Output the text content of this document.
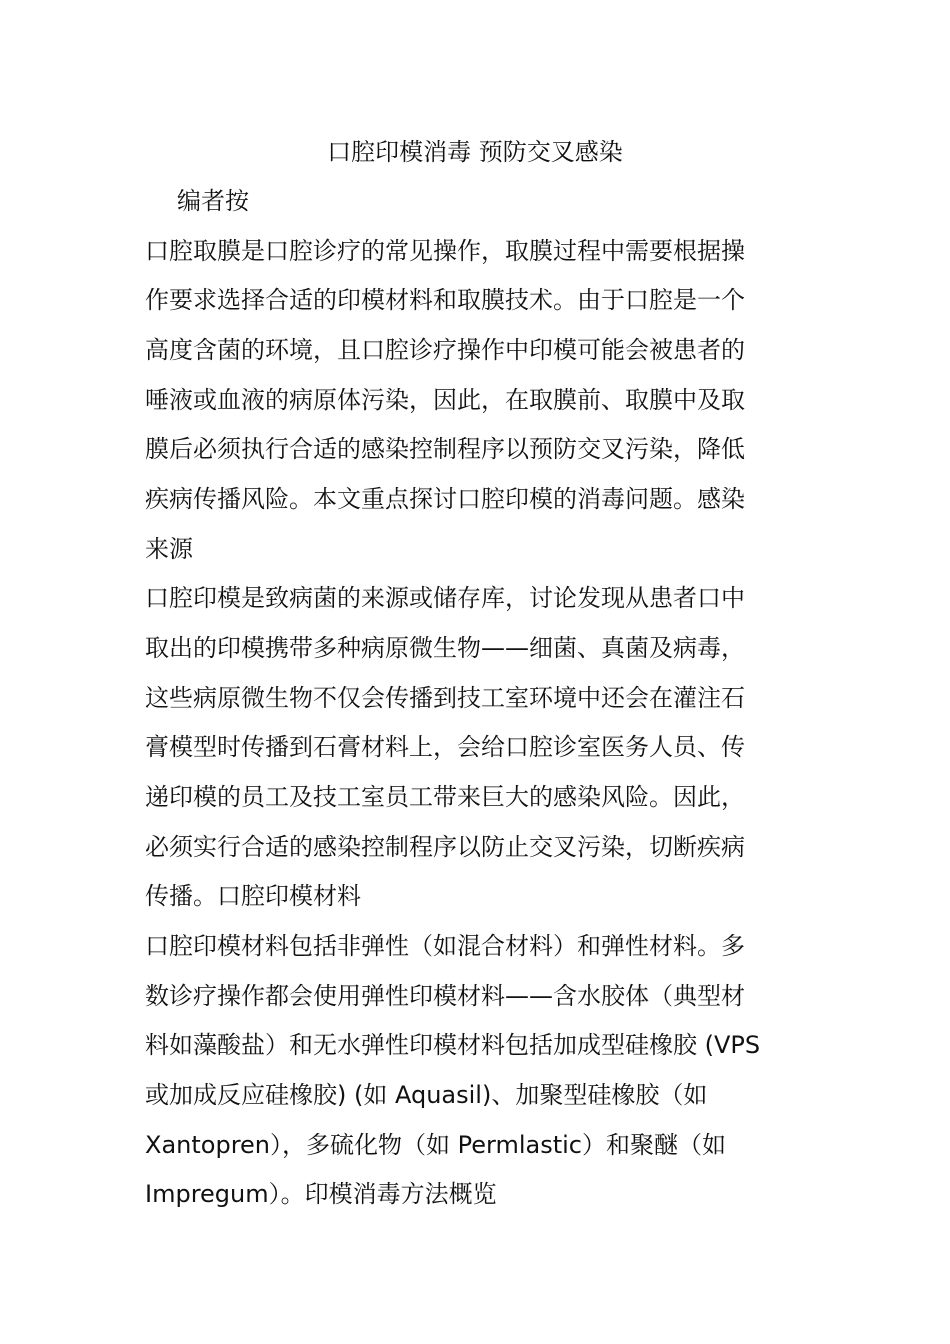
口腔印模消毒 预防交叉感染
编者按
口腔取膜是口腔诊疗的常见操作，取膜过程中需要根据操
作要求选择合适的印模材料和取膜技术。由于口腔是一个
高度含菌的环境，且口腔诊疗操作中印模可能会被患者的
唾液或血液的病原体污染，因此，在取膜前、取膜中及取
膜后必须执行合适的感染控制程序以预防交叉污染，降低
疾病传播风险。本文重点探讨口腔印模的消毒问题。感染
来源
口腔印模是致病菌的来源或储存库，讨论发现从患者口中
取出的印模携带多种病原微生物——细菌、真菌及病毒，
这些病原微生物不仅会传播到技工室环境中还会在灌注石
膏模型时传播到石膏材料上，会给口腔诊室医务人员、传
递印模的员工及技工室员工带来巨大的感染风险。因此，
必须实行合适的感染控制程序以防止交叉污染，切断疾病
传播。口腔印模材料
口腔印模材料包括非弹性（如混合材料）和弹性材料。多
数诊疗操作都会使用弹性印模材料——含水胶体（典型材
料如藻酸盐）和无水弹性印模材料包括加成型硅橡胶 (VPS
或加成反应硅橡胶) (如 Aquasil)、加聚型硅橡胶（如
Xantopren），多硫化物（如 Permlastic）和聚醚（如
Impregum）。印模消毒方法概览
